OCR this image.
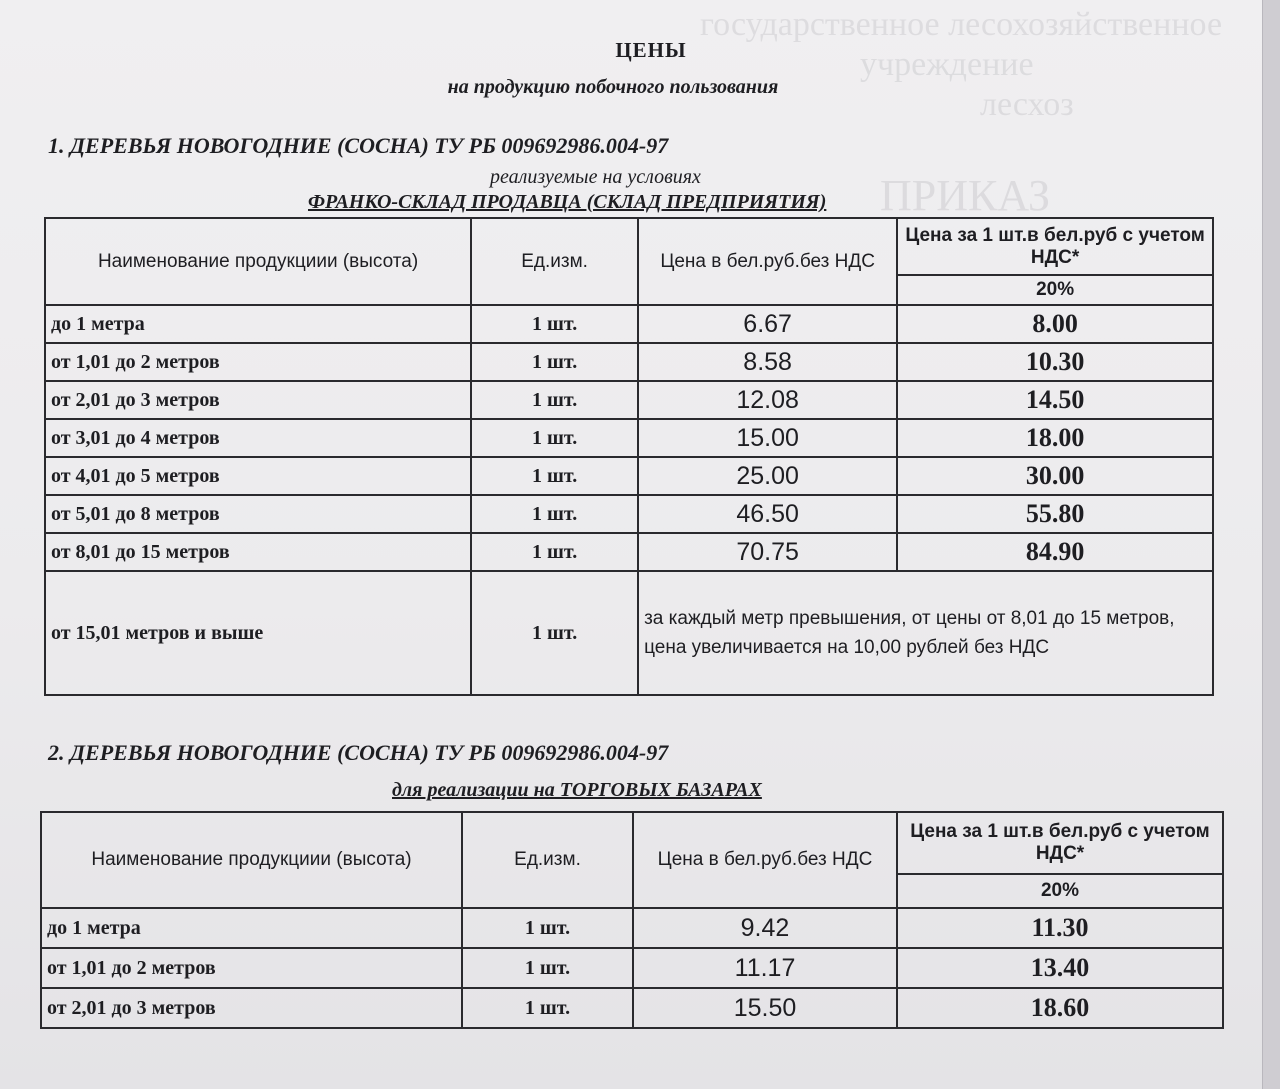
государственное лесохозяйственное
учреждение
лесхоз
ПРИКАЗ
ЦЕНЫ
на продукцию побочного пользования
1. ДЕРЕВЬЯ НОВОГОДНИЕ (СОСНА) ТУ РБ 009692986.004-97
реализуемые на условиях
ФРАНКО-СКЛАД ПРОДАВЦА (СКЛАД ПРЕДПРИЯТИЯ)
Наименование продукциии (высота)	Ед.изм.	Цена в бел.руб.без НДС	Цена за 1 шт.в бел.руб с учетом НДС*
			20%
до 1 метра	1 шт.	6.67	8.00
от 1,01 до 2 метров	1 шт.	8.58	10.30
от 2,01 до 3 метров	1 шт.	12.08	14.50
от 3,01 до 4 метров	1 шт.	15.00	18.00
от 4,01 до 5 метров	1 шт.	25.00	30.00
от 5,01 до 8 метров	1 шт.	46.50	55.80
от 8,01 до 15 метров	1 шт.	70.75	84.90
от 15,01 метров и выше	1 шт.	за каждый метр превышения, от цены от 8,01 до 15 метров, цена увеличивается на 10,00 рублей без НДС	
2. ДЕРЕВЬЯ НОВОГОДНИЕ (СОСНА) ТУ РБ 009692986.004-97
для реализации на ТОРГОВЫХ БАЗАРАХ
Наименование продукциии (высота)	Ед.изм.	Цена в бел.руб.без НДС	Цена за 1 шт.в бел.руб с учетом НДС*
			20%
до 1 метра	1 шт.	9.42	11.30
от 1,01 до 2 метров	1 шт.	11.17	13.40
от 2,01 до 3 метров	1 шт.	15.50	18.60
